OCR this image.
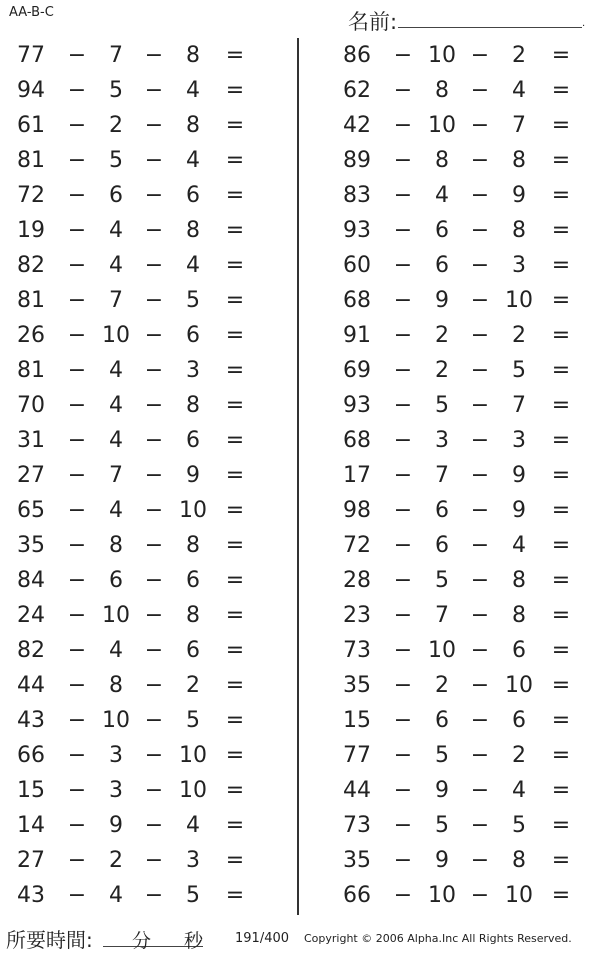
AA-B-C	名前:	.
77 −	7 −	8	=	86 − 10 −	2	=
94 −	5 −	4	=	62 −	8 −	4	=
61 −	2 −	8	=	42 − 10 −	7	=
81 −	5 −	4	=	89 −	8 −	8	=
72 −	6 −	6	=	83 −	4 −	9	=
19 −	4 −	8	=	93 −	6 −	8	=
82 −	4 −	4	=	60 −	6 −	3	=
81 −	7 −	5	=	68 −	9 − 10 =
26 − 10 −	6	=	91 −	2 −	2	=
81 −	4 −	3	=	69 −	2 −	5	=
70 −	4 −	8	=	93 −	5 −	7	=
31 −	4 −	6	=	68 −	3 −	3	=
27 −	7 −	9	=	17 −	7 −	9	=
65 −	4 − 10 =	98 −	6 −	9	=
35 −	8 −	8	=	72 −	6 −	4	=
84 −	6 −	6	=	28 −	5 −	8	=
24 − 10 −	8	=	23 −	7 −	8	=
82 −	4 −	6	=	73 − 10 −	6	=
44 −	8 −	2	=	35 −	2 − 10 =
43 − 10 −	5	=	15 −	6 −	6	=
66 −	3 − 10 =	77 −	5 −	2	=
15 −	3 − 10 =	44 −	9 −	4	=
14 −	9 −	4	=	73 −	5 −	5	=
27 −	2 −	3	=	35 −	9 −	8	=
43 −	4 −	5	=	66 − 10 − 10 =
所要時間: 分 秒 191/400 Copyright © 2006 Alpha.Inc All Rights Reserved.
